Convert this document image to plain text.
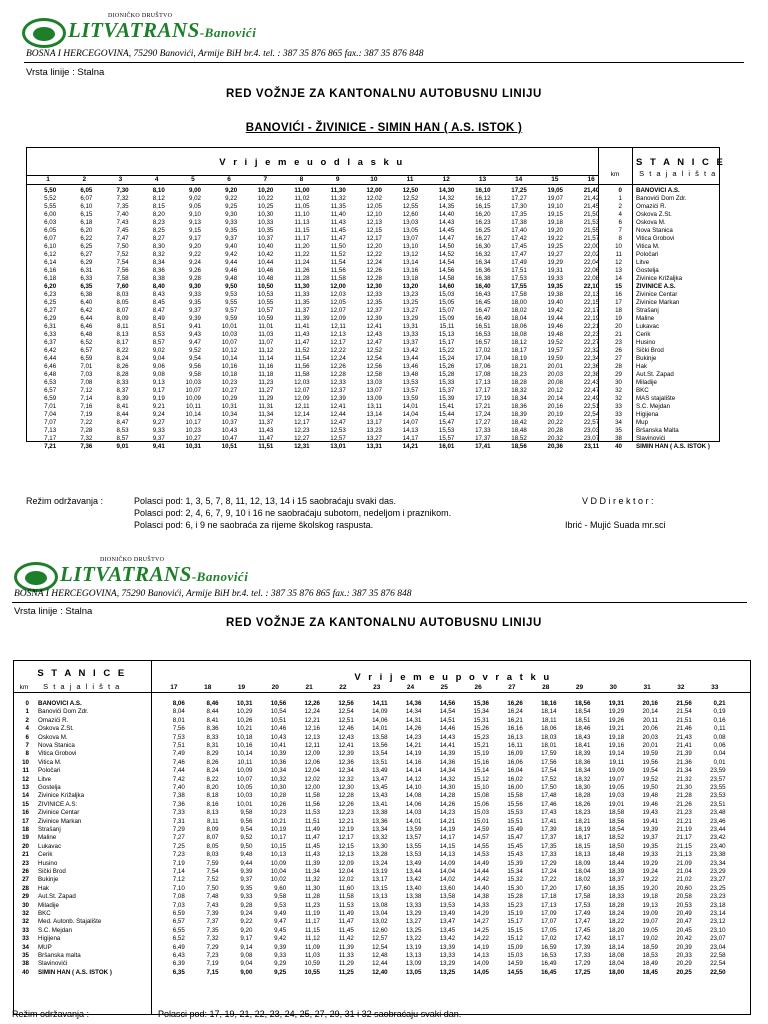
DIONIČKO DRUŠTVO
LITVATRANS-Banovići
BOSNA I HERCEGOVINA, 75290 Banovići, Armije BiH br.4. tel. : 387 35 876 865 fax.: 387 35 876 848
Vrsta linije : Stalna
RED VOŽNJE ZA KANTONALNU AUTOBUSNU LINIJU
BANOVIĆI - ŽIVINICE - SIMIN HAN ( A.S. ISTOK )
V r i j e m e u o d l a s k u	S T A N I C E
S t a j a l i š t a
km
1	2	3	4	5	6	7	8	9	10	11	12	13	14	15	16
5,50	6,05	7,30	8,10	9,00	9,20	10,20	11,00	11,30	12,00	12,50	14,30	16,10	17,25	19,05	21,40	0 BANOVIĆI A.S.
5,52	6,07	7,32	8,12	9,02	9,22	10,22	11,02	11,32	12,02	12,52	14,32	16,12	17,27	19,07	21,42	1 Banovići Dom Zdr.
5,55	6,10	7,35	8,15	9,05	9,25	10,25	11,05	11,35	12,05	12,55	14,35	16,15	17,30	19,10	21,45	2 Omazići R.
6,00	6,15	7,40	8,20	9,10	9,30	10,30	11,10	11,40	12,10	12,60	14,40	16,20	17,35	19,15	21,50	4 Oskova Z.St.
6,03	6,18	7,43	8,23	9,13	9,33	10,33	11,13	11,43	12,13	13,03	14,43	16,23	17,38	19,18	21,53	6 Oskova M.
6,05	6,20	7,45	8,25	9,15	9,35	10,35	11,15	11,45	12,15	13,05	14,45	16,25	17,40	19,20	21,55	7 Nova Stanica
6,07	6,22	7,47	8,27	9,17	9,37	10,37	11,17	11,47	12,17	13,07	14,47	16,27	17,42	19,22	21,57	8 Vitica Grobovi
6,10	6,25	7,50	8,30	9,20	9,40	10,40	11,20	11,50	12,20	13,10	14,50	16,30	17,45	19,25	22,00	10 Vitica M.
6,12	6,27	7,52	8,32	9,22	9,42	10,42	11,22	11,52	12,22	13,12	14,52	16,32	17,47	19,27	22,02	11 Poločari
6,14	6,29	7,54	8,34	9,24	9,44	10,44	11,24	11,54	12,24	13,14	14,54	16,34	17,49	19,29	22,04	12 Litve
6,16	6,31	7,56	8,36	9,26	9,46	10,46	11,26	11,56	12,26	13,16	14,56	16,36	17,51	19,31	22,06	13 Gostelja
6,18	6,33	7,58	8,38	9,28	9,48	10,48	11,28	11,58	12,28	13,18	14,58	16,38	17,53	19,33	22,08	14 Živinice Križaljka
6,20	6,35	7,60	8,40	9,30	9,50	10,50	11,30	12,00	12,30	13,20	14,60	16,40	17,55	19,35	22,10	15 ŽIVINICE A.S.
6,23	6,38	8,03	8,43	9,33	9,53	10,53	11,33	12,03	12,33	13,23	15,03	16,43	17,58	19,38	22,13	16 Živinice Centar
6,25	6,40	8,05	8,45	9,35	9,55	10,55	11,35	12,05	12,35	13,25	15,05	16,45	18,00	19,40	22,15	17 Živinice Markan
6,27	6,42	8,07	8,47	9,37	9,57	10,57	11,37	12,07	12,37	13,27	15,07	16,47	18,02	19,42	22,17	18 Strašanj
6,29	6,44	8,09	8,49	9,39	9,59	10,59	11,39	12,09	12,39	13,29	15,09	16,49	18,04	19,44	22,19	19 Maline
6,31	6,46	8,11	8,51	9,41	10,01	11,01	11,41	12,11	12,41	13,31	15,11	16,51	18,06	19,46	22,21	20 Lukavac
6,33	6,48	8,13	8,53	9,43	10,03	11,03	11,43	12,13	12,43	13,33	15,13	16,53	18,08	19,48	22,23	21 Cerik
6,37	6,52	8,17	8,57	9,47	10,07	11,07	11,47	12,17	12,47	13,37	15,17	16,57	18,12	19,52	22,27	23 Husino
6,42	6,57	8,22	9,02	9,52	10,12	11,12	11,52	12,22	12,52	13,42	15,22	17,02	18,17	19,57	22,32	26 Šički Brod
6,44	6,59	8,24	9,04	9,54	10,14	11,14	11,54	12,24	12,54	13,44	15,24	17,04	18,19	19,59	22,34	27 Bukinje
6,46	7,01	8,26	9,06	9,56	10,16	11,16	11,56	12,26	12,56	13,46	15,26	17,06	18,21	20,01	22,36	28 Hak
6,48	7,03	8,28	9,08	9,58	10,18	11,18	11,58	12,28	12,58	13,48	15,28	17,08	18,23	20,03	22,38	29 Aut.St. Zapad
6,53	7,08	8,33	9,13	10,03	10,23	11,23	12,03	12,33	13,03	13,53	15,33	17,13	18,28	20,08	22,43	30 Miladije
6,57	7,12	8,37	9,17	10,07	10,27	11,27	12,07	12,37	13,07	13,57	15,37	17,17	18,32	20,12	22,47	32 BKC
6,59	7,14	8,39	9,19	10,09	10,29	11,29	12,09	12,39	13,09	13,59	15,39	17,19	18,34	20,14	22,49	32 MAS stajalište
7,01	7,16	8,41	9,21	10,11	10,31	11,31	12,11	12,41	13,11	14,01	15,41	17,21	18,36	20,16	22,51	33 S.C. Mejdan
7,04	7,19	8,44	9,24	10,14	10,34	11,34	12,14	12,44	13,14	14,04	15,44	17,24	18,39	20,19	22,54	33 Higijena
7,07	7,22	8,47	9,27	10,17	10,37	11,37	12,17	12,47	13,17	14,07	15,47	17,27	18,42	20,22	22,57	34 Mup
7,13	7,28	8,53	9,33	10,23	10,43	11,43	12,23	12,53	13,23	14,13	15,53	17,33	18,48	20,28	23,03	35 Bršanska Malta
7,17	7,32	8,57	9,37	10,27	10,47	11,47	12,27	12,57	13,27	14,17	15,57	17,37	18,52	20,32	23,07	38 Slavinovići
7,21	7,36	9,01	9,41	10,31	10,51	11,51	12,31	13,01	13,31	14,21	16,01	17,41	18,56	20,36	23,11	40 SIMIN HAN ( A.S. ISTOK )
Režim održavanja :	Polasci pod: 1, 3, 5, 7, 8, 11, 12, 13, 14 i 15 saobraćaju svaki das.
Polasci pod: 2, 4, 6, 7, 9, 10 i 16 ne saobraćaju subotom, nedeljom i praznikom.
Polasci pod: 6, i 9 ne saobraća za rijeme školskog raspusta.
V D D i r e k t o r :
Ibrić - Mujić Suada mr.sci
DIONIČKO DRUŠTVO
LITVATRANS-Banovići
BOSNA I HERCEGOVINA, 75290 Banovići, Armije BiH br.4. tel. : 387 35 876 865 fax.: 387 35 876 848
Vrsta linije : Stalna
RED VOŽNJE ZA KANTONALNU AUTOBUSNU LINIJU
S T A N I C E
S t a j a l i š t a
V r i j e m e u p o v r a t k u
km	17	18	19	20	21	22	23	24	25	26	27	28	29	30	31	32	33
0 BANOVIĆI A.S.	8,06	8,46	10,31	10,56	12,26	12,56	14,11	14,36	14,56	15,36	16,26	18,16	18,56	19,31	20,16	21,56	0,21
1 Banovići Dom Zdr.	8,04	8,44	10,29	10,54	12,24	12,54	14,09	14,34	14,54	15,34	16,24	18,14	18,54	19,29	20,14	21,54	0,19
2 Omazići R.	8,01	8,41	10,26	10,51	12,21	12,51	14,06	14,31	14,51	15,31	16,21	18,11	18,51	19,26	20,11	21,51	0,16
4 Oskova Z.St.	7,56	8,36	10,21	10,46	12,16	12,46	14,01	14,26	14,46	15,26	16,16	18,06	18,46	19,21	20,06	21,46	0,11
6 Oskova M.	7,53	8,33	10,18	10,43	12,13	12,43	13,58	14,23	14,43	15,23	16,13	18,03	18,43	19,18	20,03	21,43	0,08
7 Nova Stanica	7,51	8,31	10,16	10,41	12,11	12,41	13,56	14,21	14,41	15,21	16,11	18,01	18,41	19,16	20,01	21,41	0,06
8 Vitica Grobovi	7,49	8,29	10,14	10,39	12,09	12,39	13,54	14,19	14,39	15,19	16,09	17,59	18,39	19,14	19,59	21,39	0,04
10 Vitica M.	7,46	8,26	10,11	10,36	12,06	12,36	13,51	14,16	14,36	15,16	16,06	17,56	18,36	19,11	19,56	21,36	0,01
11 Poločari	7,44	8,24	10,09	10,34	12,04	12,34	13,49	14,14	14,34	15,14	16,04	17,54	18,34	19,09	19,54	21,34	23,59
12 Litve	7,42	8,22	10,07	10,32	12,02	12,32	13,47	14,12	14,32	15,12	16,02	17,52	18,32	19,07	19,52	21,32	23,57
13 Gostelja	7,40	8,20	10,05	10,30	12,00	12,30	13,45	14,10	14,30	15,10	16,00	17,50	18,30	19,05	19,50	21,30	23,55
14 Živinice Križaljka	7,38	8,18	10,03	10,28	11,58	12,28	13,43	14,08	14,28	15,08	15,58	17,48	18,28	19,03	19,48	21,28	23,53
15 ŽIVINICE A.S:	7,36	8,16	10,01	10,26	11,56	12,26	13,41	14,06	14,26	15,06	15,56	17,46	18,26	19,01	19,46	21,26	23,51
16 Živinice Centar	7,33	8,13	9,58	10,23	11,53	12,23	13,38	14,03	14,23	15,03	15,53	17,43	18,23	18,58	19,43	21,23	23,48
17 Živinice Markan	7,31	8,11	9,56	10,21	11,51	12,21	13,36	14,01	14,21	15,01	15,51	17,41	18,21	18,56	19,41	21,21	23,46
18 Strašanj	7,29	8,09	9,54	10,19	11,49	12,19	13,34	13,59	14,19	14,59	15,49	17,39	18,19	18,54	19,39	21,19	23,44
19 Maline	7,27	8,07	9,52	10,17	11,47	12,17	13,32	13,57	14,17	14,57	15,47	17,37	18,17	18,52	19,37	21,17	23,42
20 Lukavac	7,25	8,05	9,50	10,15	11,45	12,15	13,30	13,55	14,15	14,55	15,45	17,35	18,15	18,50	19,35	21,15	23,40
21 Cerik	7,23	8,03	9,48	10,13	11,43	12,13	13,28	13,53	14,13	14,53	15,43	17,33	18,13	18,48	19,33	21,13	23,38
23 Husino	7,19	7,59	9,44	10,09	11,39	12,09	13,24	13,49	14,09	14,49	15,39	17,29	18,09	18,44	19,29	21,09	23,34
26 Šički Brod	7,14	7,54	9,39	10,04	11,34	12,04	13,19	13,44	14,04	14,44	15,34	17,24	18,04	18,39	19,24	21,04	23,29
27 Bukinje	7,12	7,52	9,37	10,02	11,32	12,02	13,17	13,42	14,02	14,42	15,32	17,22	18,02	18,37	19,22	21,02	23,27
28 Hak	7,10	7,50	9,35	9,60	11,30	11,60	13,15	13,40	13,60	14,40	15,30	17,20	17,60	18,35	19,20	20,60	23,25
29 Aut.St. Zapad	7,08	7,48	9,33	9,58	11,28	11,58	13,13	13,38	13,58	14,38	15,28	17,18	17,58	18,33	19,18	20,58	23,23
30 Miladije	7,03	7,43	9,28	9,53	11,23	11,53	13,08	13,33	13,53	14,33	15,23	17,13	17,53	18,28	19,13	20,53	23,18
32 BKC	6,59	7,39	9,24	9,49	11,19	11,49	13,04	13,29	13,49	14,29	15,19	17,09	17,49	18,24	19,09	20,49	23,14
32 Med. Autonb. Stajalište	6,57	7,37	9,22	9,47	11,17	11,47	13,02	13,27	13,47	14,27	15,17	17,07	17,47	18,22	19,07	20,47	23,12
33 S.C. Mejdan	6,55	7,35	9,20	9,45	11,15	11,45	12,60	13,25	13,45	14,25	15,15	17,05	17,45	18,20	19,05	20,45	23,10
33 Higijena	6,52	7,32	9,17	9,42	11,12	11,42	12,57	13,22	13,42	14,22	15,12	17,02	17,42	18,17	19,02	20,42	23,07
34 MUP	6,49	7,29	9,14	9,39	11,09	11,39	12,54	13,19	13,39	14,19	15,09	16,59	17,39	18,14	18,59	20,39	23,04
35 Bršanska malta	6,43	7,23	9,08	9,33	11,03	11,33	12,48	13,13	13,33	14,13	15,03	16,53	17,33	18,08	18,53	20,33	22,58
38 Slavinovići	6,39	7,19	9,04	9,29	10,59	11,29	12,44	13,09	13,29	14,09	14,59	16,49	17,29	18,04	18,49	20,29	22,54
40 SIMIN HAN ( A.S. ISTOK )	6,35	7,15	9,00	9,25	10,55	11,25	12,40	13,05	13,25	14,05	14,55	16,45	17,25	18,00	18,45	20,25	22,50
Režim održavanja :	Polasci pod: 17, 19, 21, 22, 23, 24, 25, 27, 29, 31 i 32 saobraćaju svaki dan.
